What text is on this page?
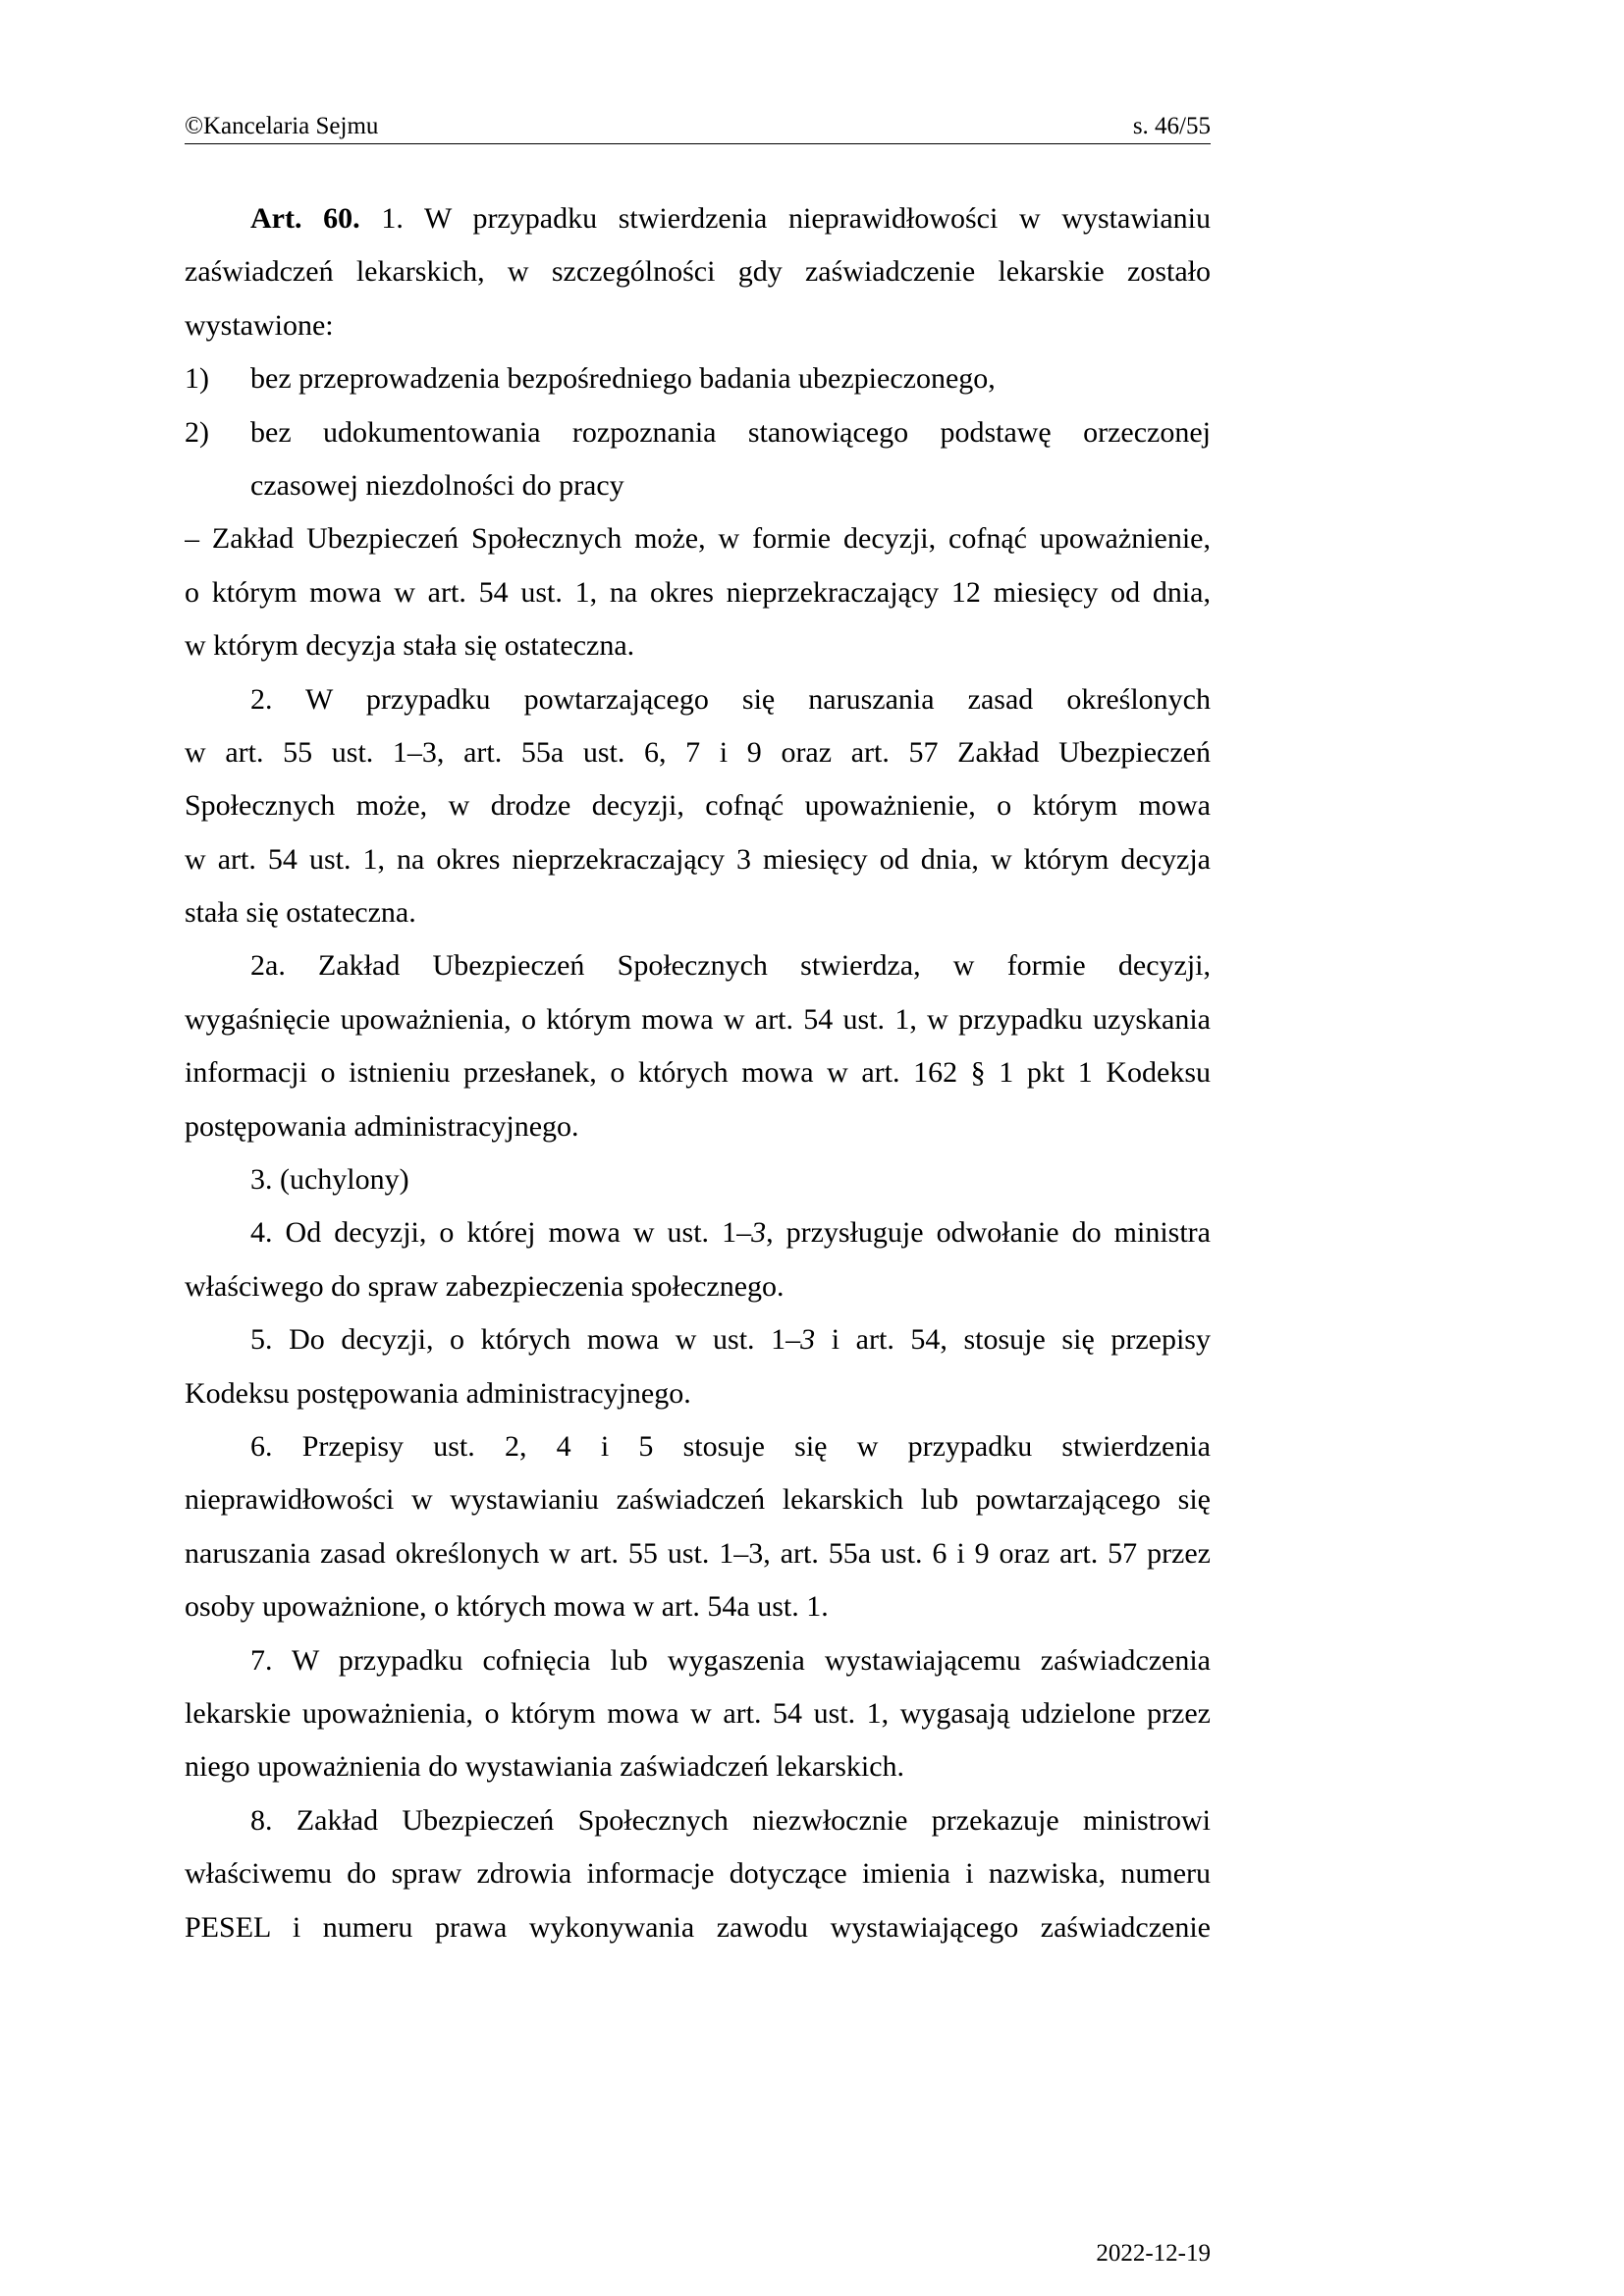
©Kancelaria Sejmu	s. 46/55
Art. 60. 1. W przypadku stwierdzenia nieprawidłowości w wystawianiu
zaświadczeń lekarskich, w szczególności gdy zaświadczenie lekarskie zostało
wystawione:
1)	bez przeprowadzenia bezpośredniego badania ubezpieczonego,
2)	bez udokumentowania rozpoznania stanowiącego podstawę orzeczonej
czasowej niezdolności do pracy
– Zakład Ubezpieczeń Społecznych może, w formie decyzji, cofnąć upoważnienie,
o którym mowa w art. 54 ust. 1, na okres nieprzekraczający 12 miesięcy od dnia,
w którym decyzja stała się ostateczna.
2. W przypadku powtarzającego się naruszania zasad określonych
w art. 55 ust. 1–3, art. 55a ust. 6, 7 i 9 oraz art. 57 Zakład Ubezpieczeń
Społecznych może, w drodze decyzji, cofnąć upoważnienie, o którym mowa
w art. 54 ust. 1, na okres nieprzekraczający 3 miesięcy od dnia, w którym decyzja
stała się ostateczna.
2a. Zakład Ubezpieczeń Społecznych stwierdza, w formie decyzji,
wygaśnięcie upoważnienia, o którym mowa w art. 54 ust. 1, w przypadku uzyskania
informacji o istnieniu przesłanek, o których mowa w art. 162 § 1 pkt 1 Kodeksu
postępowania administracyjnego.
3. (uchylony)
4. Od decyzji, o której mowa w ust. 1–3, przysługuje odwołanie do ministra
właściwego do spraw zabezpieczenia społecznego.
5. Do decyzji, o których mowa w ust. 1–3 i art. 54, stosuje się przepisy
Kodeksu postępowania administracyjnego.
6. Przepisy ust. 2, 4 i 5 stosuje się w przypadku stwierdzenia
nieprawidłowości w wystawianiu zaświadczeń lekarskich lub powtarzającego się
naruszania zasad określonych w art. 55 ust. 1–3, art. 55a ust. 6 i 9 oraz art. 57 przez
osoby upoważnione, o których mowa w art. 54a ust. 1.
7. W przypadku cofnięcia lub wygaszenia wystawiającemu zaświadczenia
lekarskie upoważnienia, o którym mowa w art. 54 ust. 1, wygasają udzielone przez
niego upoważnienia do wystawiania zaświadczeń lekarskich.
8. Zakład Ubezpieczeń Społecznych niezwłocznie przekazuje ministrowi
właściwemu do spraw zdrowia informacje dotyczące imienia i nazwiska, numeru
PESEL i numeru prawa wykonywania zawodu wystawiającego zaświadczenie
2022-12-19
